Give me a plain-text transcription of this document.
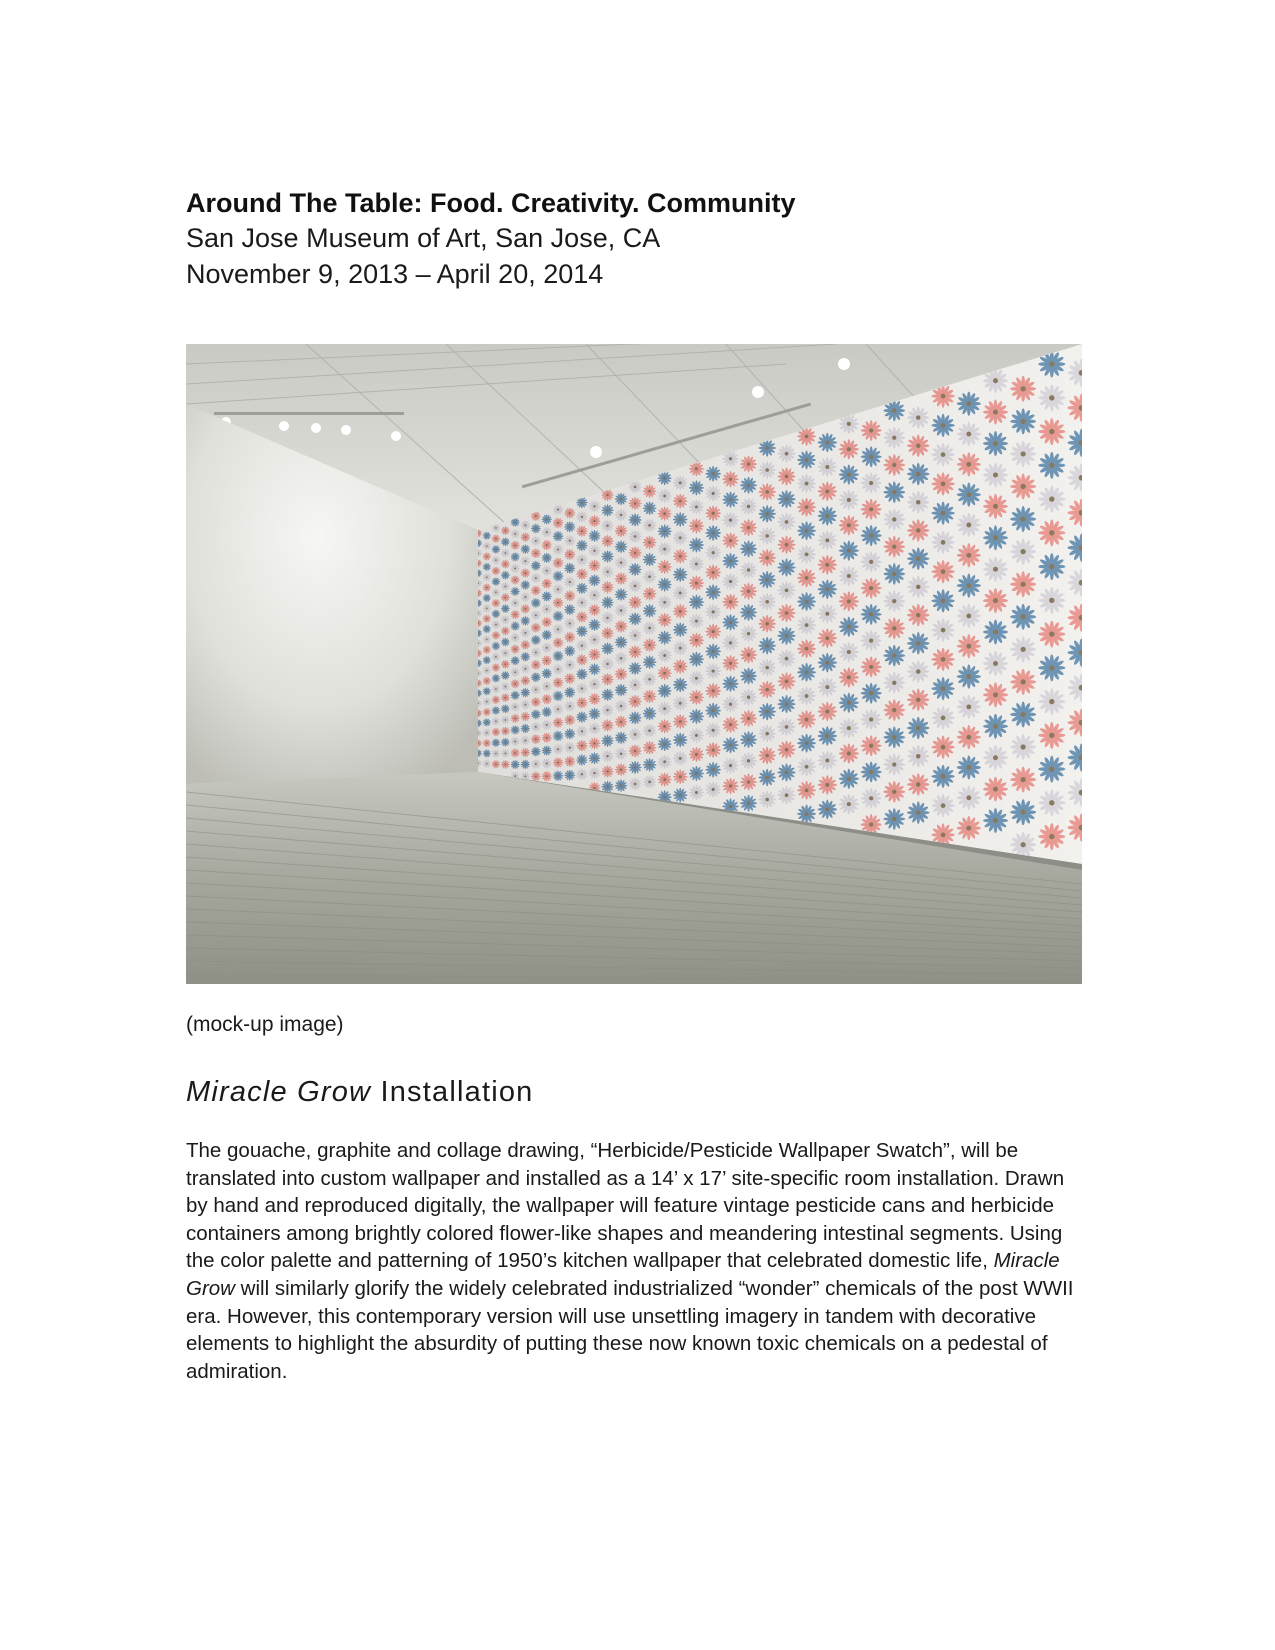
Around The Table: Food. Creativity. Community

San Jose Museum of Art, San Jose, CA

November 9, 2013 – April 20, 2014

(mock-up image)
Miracle Grow Installation

The gouache, graphite and collage drawing, “Herbicide/Pesticide Wallpaper Swatch”, will be translated into custom wallpaper and installed as a 14’ x 17’ site-specific room installation. Drawn by hand and reproduced digitally, the wallpaper will feature vintage pesticide cans and herbicide containers among brightly colored flower-like shapes and meandering intestinal segments. Using the color palette and patterning of 1950’s kitchen wallpaper that celebrated domestic life, Miracle Grow will similarly glorify the widely celebrated industrialized “wonder” chemicals of the post WWII era. However, this contemporary version will use unsettling imagery in tandem with decorative elements to highlight the absurdity of putting these now known toxic chemicals on a pedestal of admiration.
